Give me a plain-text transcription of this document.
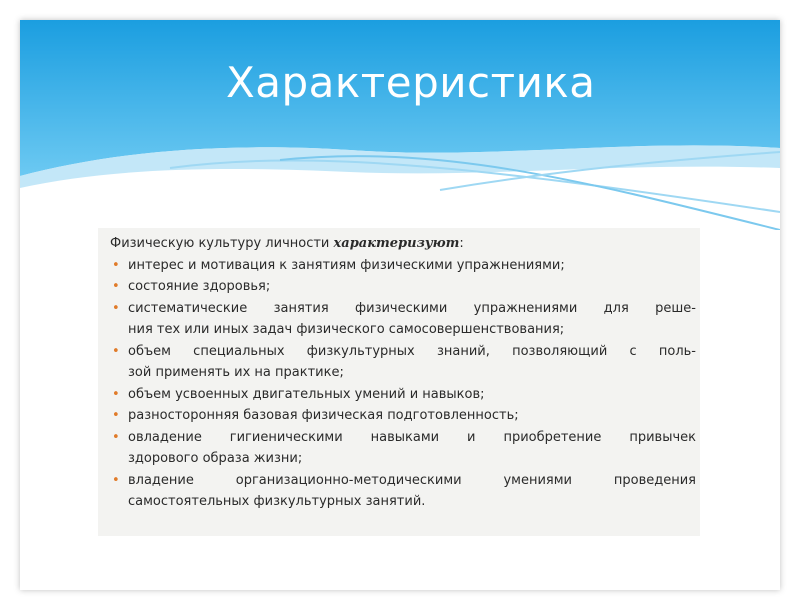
Характеристика

Физическую культуру личности характеризуют:

• интерес и мотивация к занятиям физическими упражнениями;
• состояние здоровья;
• систематические занятия физическими упражнениями для реше-
ния тех или иных задач физического самосовершенствования;
• объем специальных физкультурных знаний, позволяющий с поль-
зой применять их на практике;
• объем усвоенных двигательных умений и навыков;
• разносторонняя базовая физическая подготовленность;
• овладение гигиеническими навыками и приобретение привычек
здорового образа жизни;
• владение организационно-методическими умениями проведения
самостоятельных физкультурных занятий.
